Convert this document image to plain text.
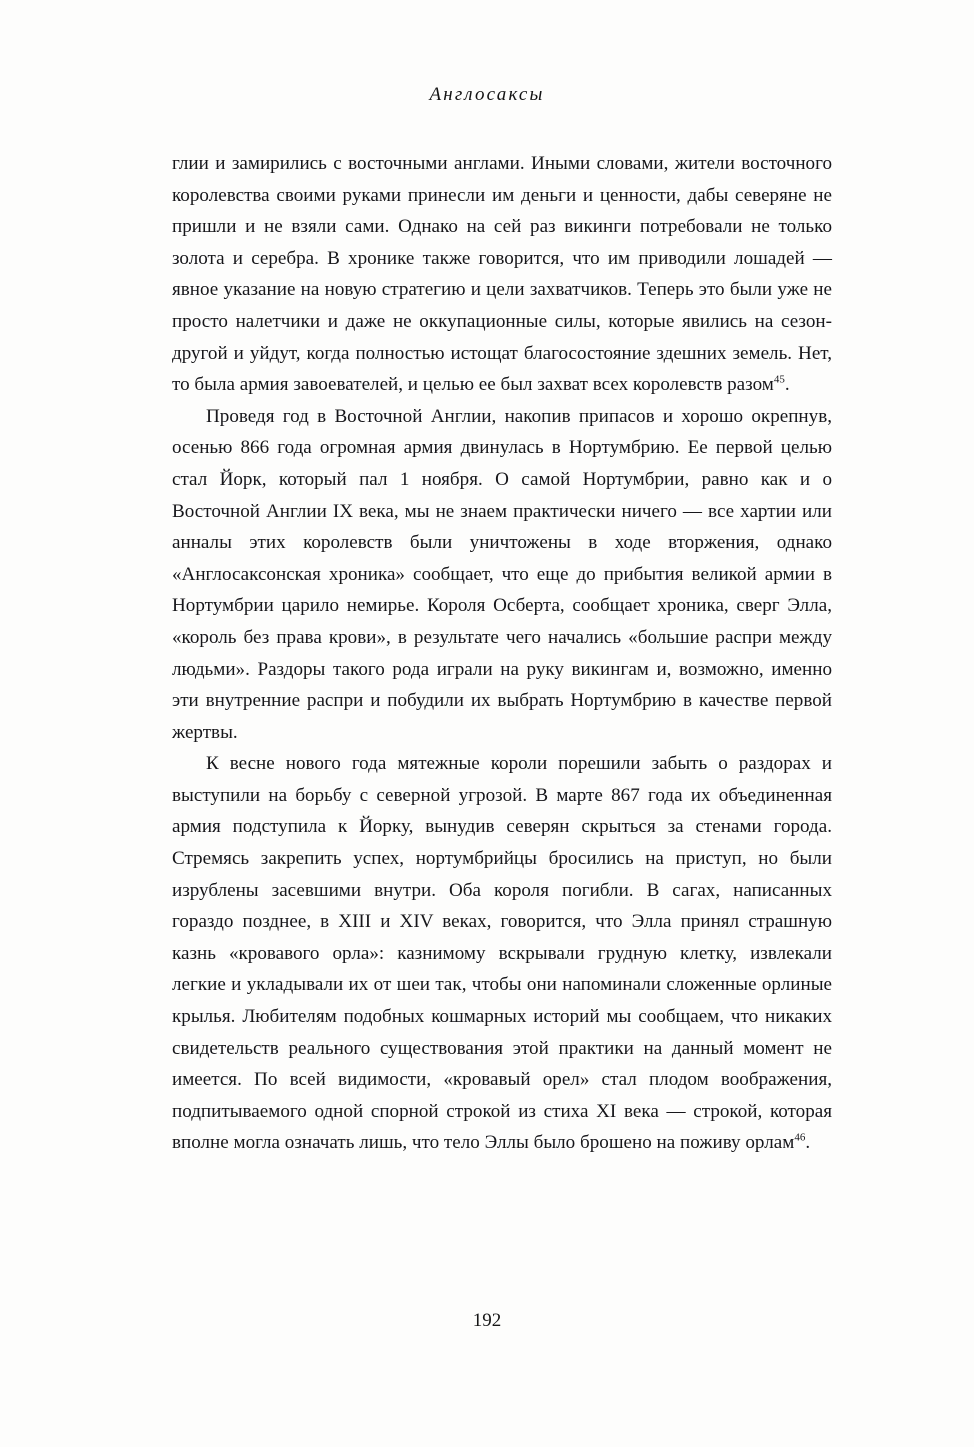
Англосаксы

глии и замирились с восточными англами. Иными словами, жители восточного королевства своими руками принесли им деньги и ценности, дабы северяне не пришли и не взяли сами. Однако на сей раз викинги потребовали не только золота и серебра. В хронике также говорится, что им приводили лошадей — явное указание на новую стратегию и цели захватчиков. Теперь это были уже не просто налетчики и даже не оккупационные силы, которые явились на сезон-другой и уйдут, когда полностью истощат благосостояние здешних земель. Нет, то была армия завоевателей, и целью ее был захват всех королевств разом$^{45}$.

Проведя год в Восточной Англии, накопив припасов и хорошо окрепнув, осенью 866 года огромная армия двинулась в Нортумбрию. Ее первой целью стал Йорк, который пал 1 ноября. О самой Нортумбрии, равно как и о Восточной Англии IX века, мы не знаем практически ничего — все хартии или анналы этих королевств были уничтожены в ходе вторжения, однако «Англосаксонская хроника» сообщает, что еще до прибытия великой армии в Нортумбрии царило немирье. Короля Осберта, сообщает хроника, сверг Элла, «король без права крови», в результате чего начались «большие распри между людьми». Раздоры такого рода играли на руку викингам и, возможно, именно эти внутренние распри и побудили их выбрать Нортумбрию в качестве первой жертвы.

К весне нового года мятежные короли порешили забыть о раздорах и выступили на борьбу с северной угрозой. В марте 867 года их объединенная армия подступила к Йорку, вынудив северян скрыться за стенами города. Стремясь закрепить успех, нортумбрийцы бросились на приступ, но были изрублены засевшими внутри. Оба короля погибли. В сагах, написанных гораздо позднее, в XIII и XIV веках, говорится, что Элла принял страшную казнь «кровавого орла»: казнимому вскрывали грудную клетку, извлекали легкие и укладывали их от шеи так, чтобы они напоминали сложенные орлиные крылья. Любителям подобных кошмарных историй мы сообщаем, что никаких свидетельств реального существования этой практики на данный момент не имеется. По всей видимости, «кровавый орел» стал плодом воображения, подпитываемого одной спорной строкой из стиха XI века — строкой, которая вполне могла означать лишь, что тело Эллы было брошено на поживу орлам$^{46}$.

192
